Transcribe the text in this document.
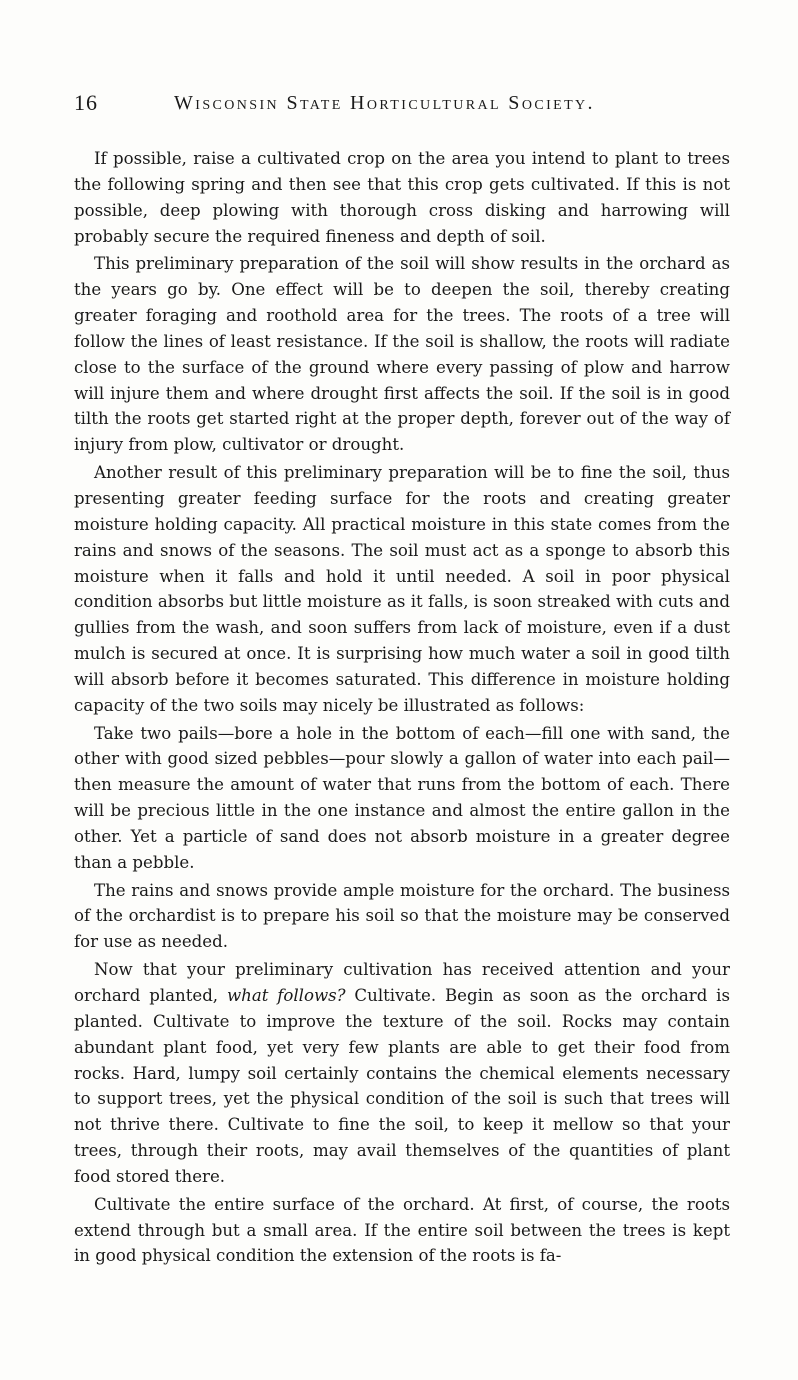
16	Wisconsin State Horticultural Society.

If possible, raise a cultivated crop on the area you intend to plant to trees the following spring and then see that this crop gets cultivated. If this is not possible, deep plowing with thorough cross disking and harrowing will probably secure the required fineness and depth of soil.

This preliminary preparation of the soil will show results in the orchard as the years go by. One effect will be to deepen the soil, thereby creating greater foraging and roothold area for the trees. The roots of a tree will follow the lines of least resistance. If the soil is shallow, the roots will radiate close to the surface of the ground where every passing of plow and harrow will injure them and where drought first affects the soil. If the soil is in good tilth the roots get started right at the proper depth, forever out of the way of injury from plow, cultivator or drought.

Another result of this preliminary preparation will be to fine the soil, thus presenting greater feeding surface for the roots and creating greater moisture holding capacity. All practical moisture in this state comes from the rains and snows of the seasons. The soil must act as a sponge to absorb this moisture when it falls and hold it until needed. A soil in poor physical condition absorbs but little moisture as it falls, is soon streaked with cuts and gullies from the wash, and soon suffers from lack of moisture, even if a dust mulch is secured at once. It is surprising how much water a soil in good tilth will absorb before it becomes saturated. This difference in moisture holding capacity of the two soils may nicely be illustrated as follows:

Take two pails—bore a hole in the bottom of each—fill one with sand, the other with good sized pebbles—pour slowly a gallon of water into each pail—then measure the amount of water that runs from the bottom of each. There will be precious little in the one instance and almost the entire gallon in the other. Yet a particle of sand does not absorb moisture in a greater degree than a pebble.

The rains and snows provide ample moisture for the orchard. The business of the orchardist is to prepare his soil so that the moisture may be conserved for use as needed.

Now that your preliminary cultivation has received attention and your orchard planted, what follows? Cultivate. Begin as soon as the orchard is planted. Cultivate to improve the texture of the soil. Rocks may contain abundant plant food, yet very few plants are able to get their food from rocks. Hard, lumpy soil certainly contains the chemical elements necessary to support trees, yet the physical condition of the soil is such that trees will not thrive there. Cultivate to fine the soil, to keep it mellow so that your trees, through their roots, may avail themselves of the quantities of plant food stored there.

Cultivate the entire surface of the orchard. At first, of course, the roots extend through but a small area. If the entire soil between the trees is kept in good physical condition the extension of the roots is fa-
